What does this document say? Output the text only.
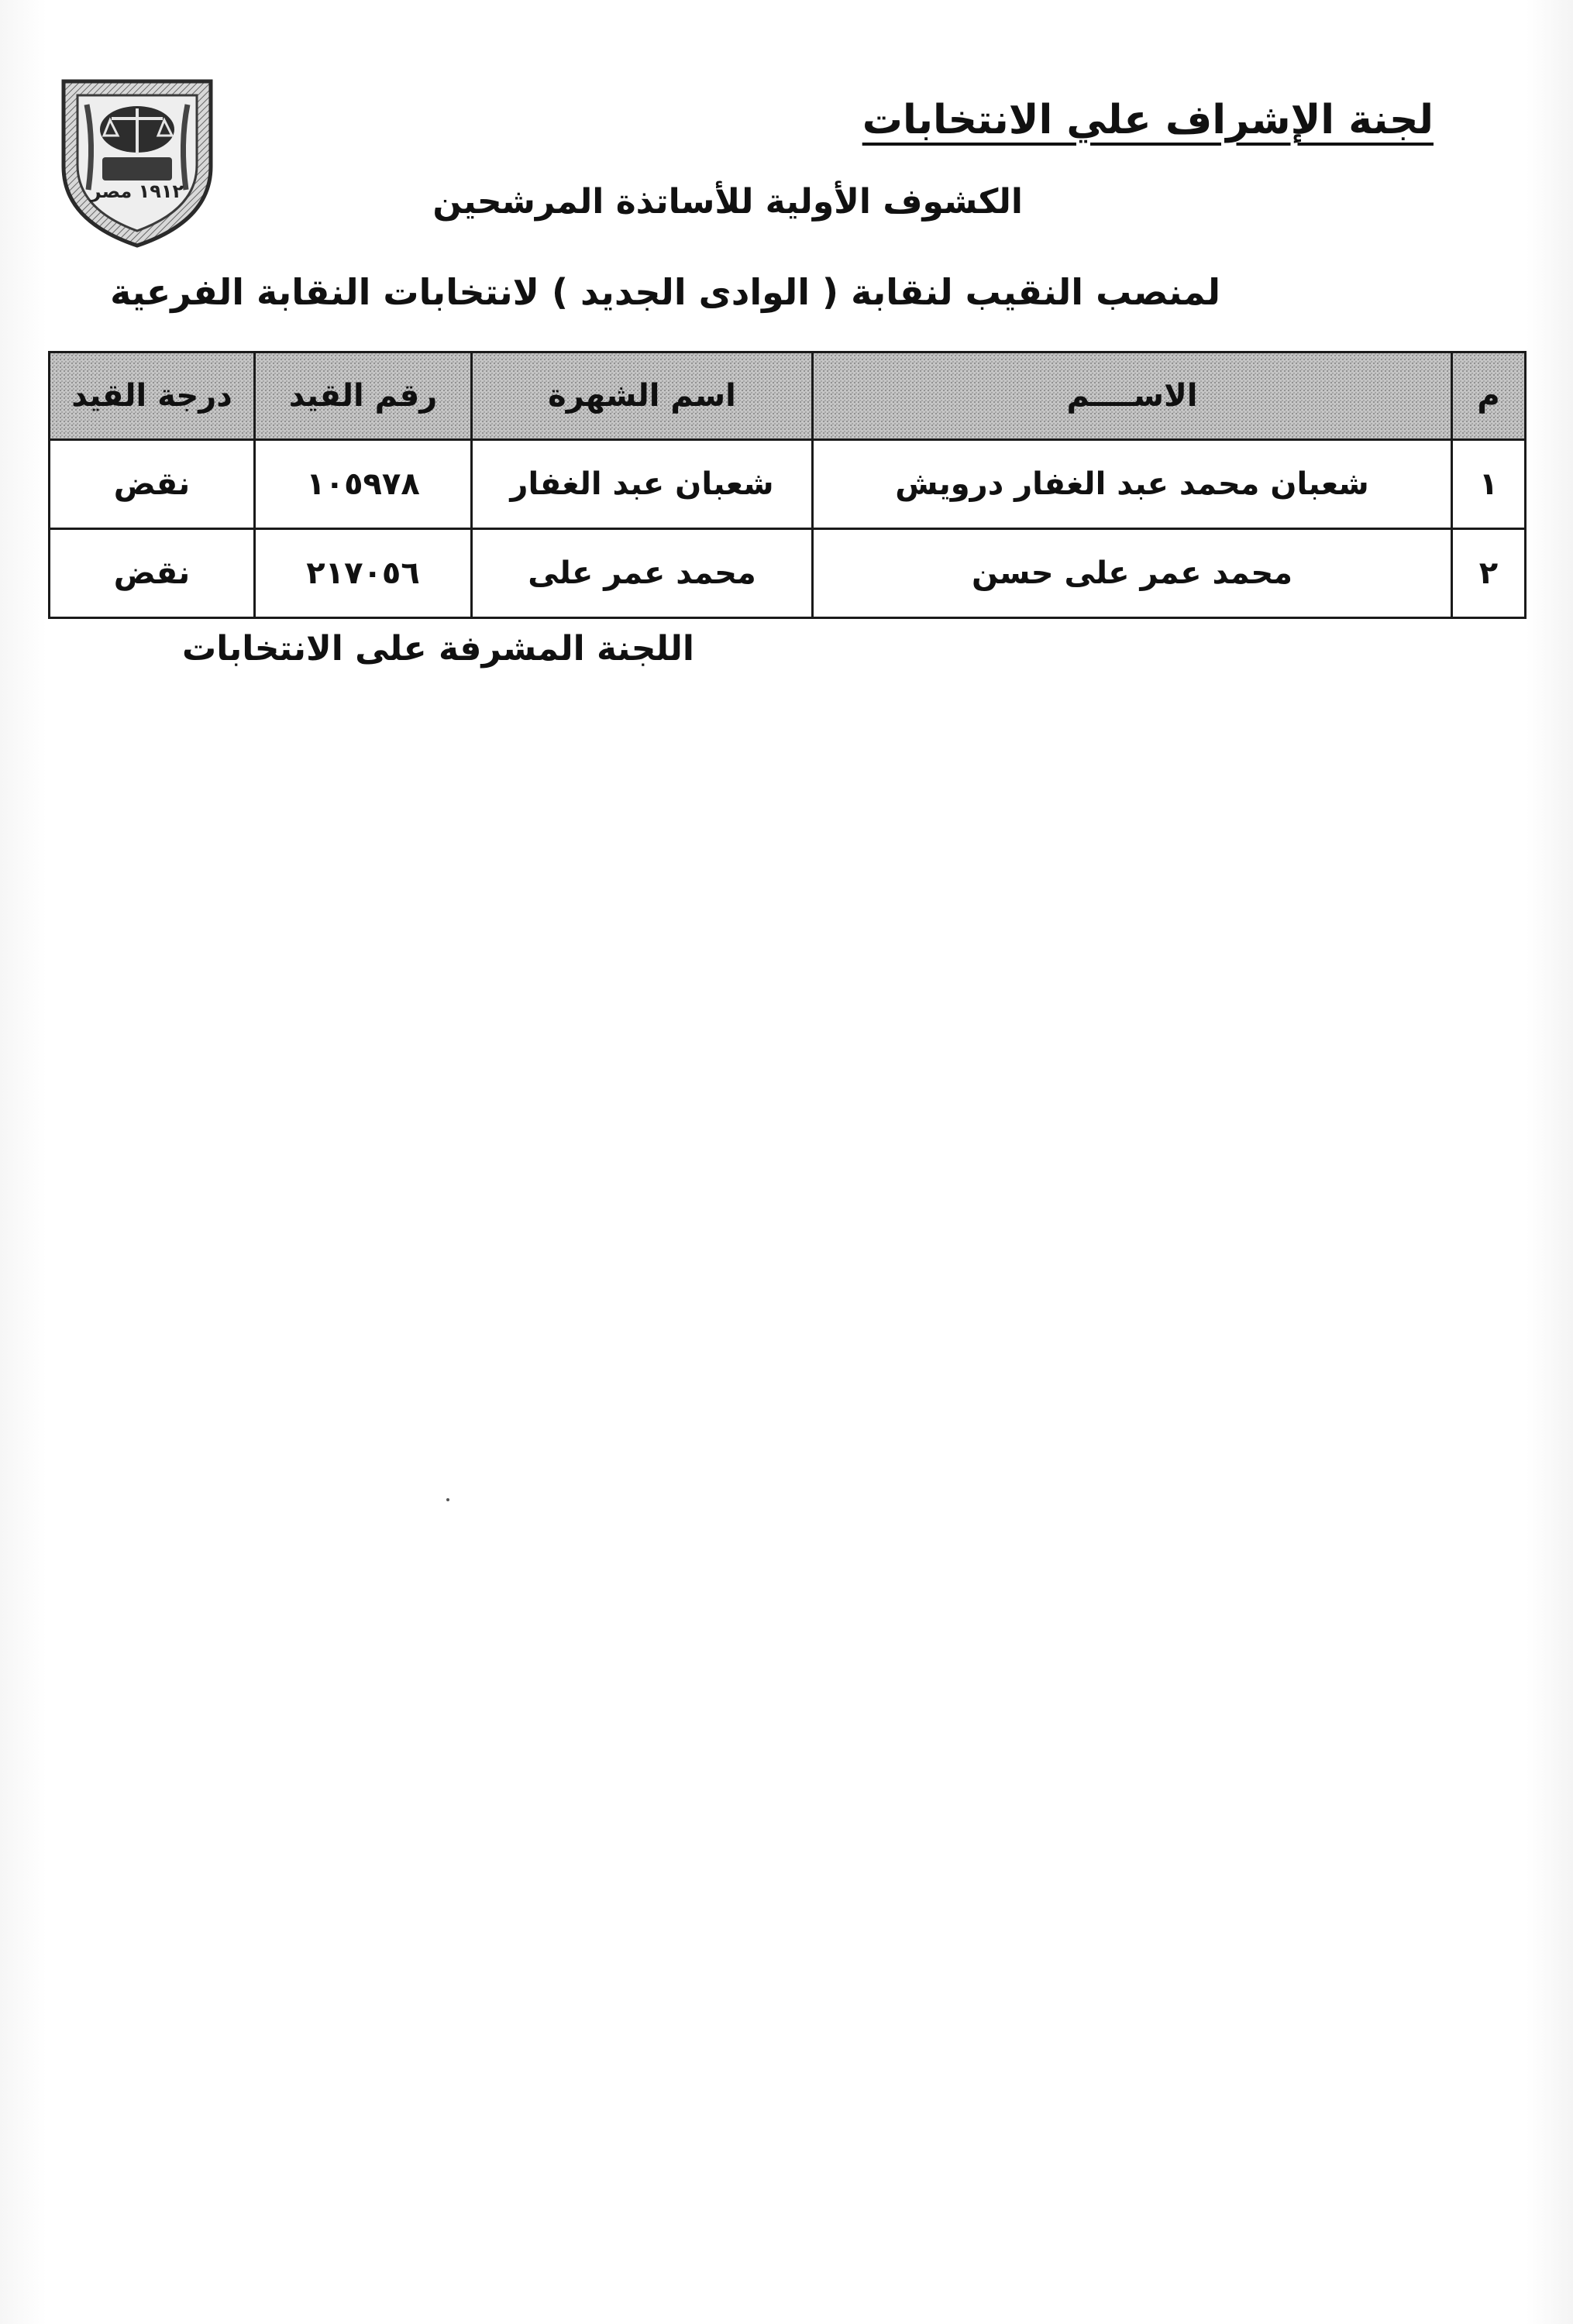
١٩١٢ مصر
لجنة الإشراف علي الانتخابات
الكشوف الأولية للأساتذة المرشحين
لمنصب النقيب لنقابة ( الوادى الجديد ) لانتخابات النقابة الفرعية
م	الاســــم	اسم الشهرة	رقم القيد	درجة القيد
١	شعبان محمد عبد الغفار درويش	شعبان عبد الغفار	١٠٥٩٧٨	نقض
٢	محمد عمر على حسن	محمد عمر على	٢١٧٠٥٦	نقض
اللجنة المشرفة على الانتخابات
